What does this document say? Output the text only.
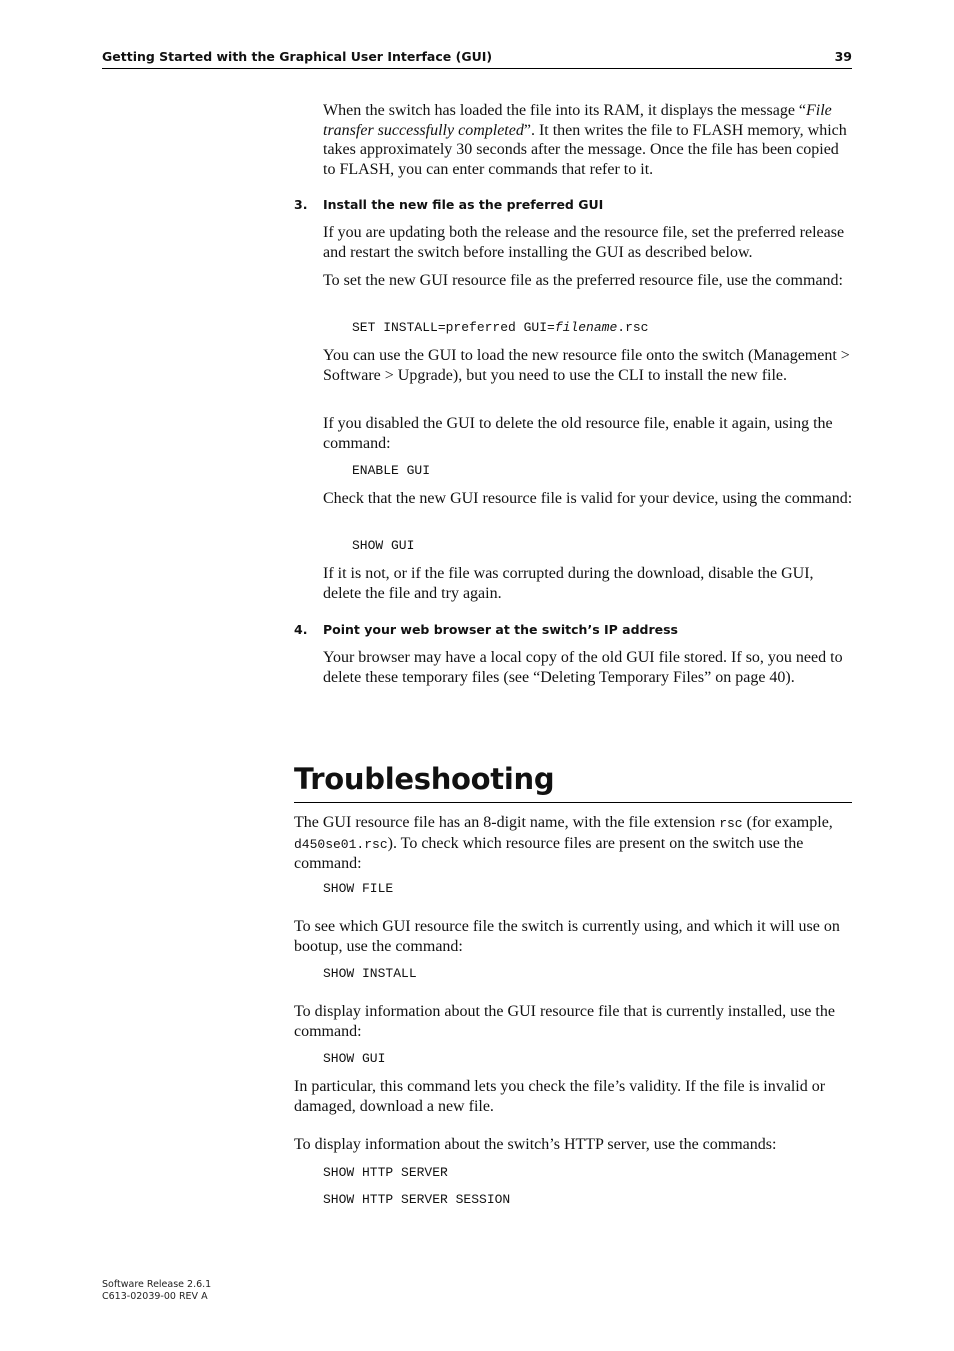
Getting Started with the Graphical User Interface (GUI)	39

When the switch has loaded the file into its RAM, it displays the message “File transfer successfully completed”. It then writes the file to FLASH memory, which takes approximately 30 seconds after the message. Once the file has been copied to FLASH, you can enter commands that refer to it.

3. Install the new file as the preferred GUI

If you are updating both the release and the resource file, set the preferred release and restart the switch before installing the GUI as described below.

To set the new GUI resource file as the preferred resource file, use the command:

SET INSTALL=preferred GUI=filename.rsc

You can use the GUI to load the new resource file onto the switch (Management > Software > Upgrade), but you need to use the CLI to install the new file.

If you disabled the GUI to delete the old resource file, enable it again, using the command:

ENABLE GUI

Check that the new GUI resource file is valid for your device, using the command:

SHOW GUI

If it is not, or if the file was corrupted during the download, disable the GUI, delete the file and try again.

4. Point your web browser at the switch’s IP address

Your browser may have a local copy of the old GUI file stored. If so, you need to delete these temporary files (see “Deleting Temporary Files” on page 40).

Troubleshooting

The GUI resource file has an 8-digit name, with the file extension rsc (for example, d450se01.rsc). To check which resource files are present on the switch use the command:

SHOW FILE

To see which GUI resource file the switch is currently using, and which it will use on bootup, use the command:

SHOW INSTALL

To display information about the GUI resource file that is currently installed, use the command:

SHOW GUI

In particular, this command lets you check the file’s validity. If the file is invalid or damaged, download a new file.

To display information about the switch’s HTTP server, use the commands:

SHOW HTTP SERVER
SHOW HTTP SERVER SESSION
Software Release 2.6.1
C613-02039-00 REV A
